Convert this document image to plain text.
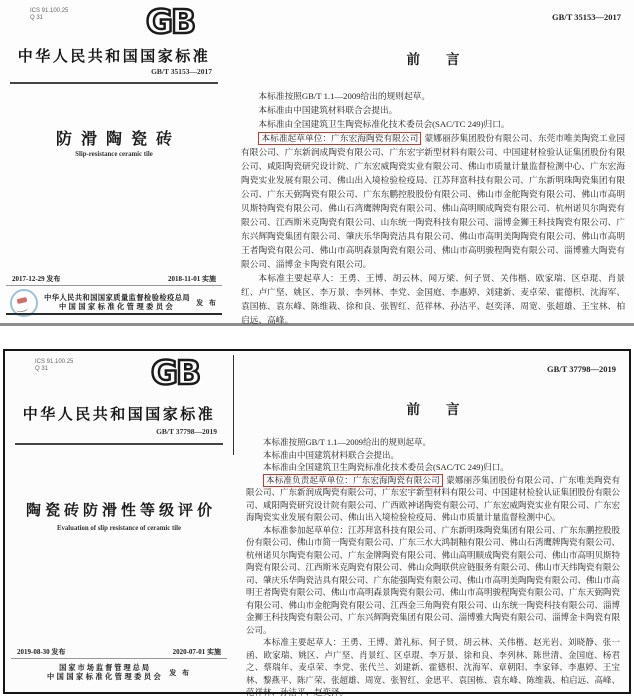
ICS 91.100.25
Q 31	GB
中华人民共和国国家标准
GB/T 35153—2017
防滑陶瓷砖
Slip-resistance ceramic tile
2017-12-29 发布	2018-11-01 实施
中华人民共和国国家质量监督检验检疫总局
中国国家标准化管理委员会	发 布
GB/T 35153—2017
前言

本标准按照GB/T 1.1—2009给出的规则起草。

本标准由中国建筑材料联合会提出。

本标准由全国建筑卫生陶瓷标准化技术委员会(SAC/TC 249)归口。

本标准起草单位：广东宏海陶瓷有限公司 蒙娜丽莎集团股份有限公司、东莞市唯美陶瓷工业园有限公司、广东新润成陶瓷有限公司、广东宏宇新型材料有限公司、中国建材检验认证集团股份有限公司、咸阳陶瓷研究设计院、广东宏威陶瓷实业有限公司、佛山市质量计量监督检测中心、广东宏海陶瓷实业发展有限公司、佛山出入境检验检疫局、江苏拜富科技有限公司、广东新明珠陶瓷集团有限公司、广东天弼陶瓷有限公司、广东东鹏控股股份有限公司、佛山市金舵陶瓷有限公司、佛山市高明贝斯特陶瓷有限公司、佛山石湾鹰牌陶瓷有限公司、佛山高明顺成陶瓷有限公司、杭州诺贝尔陶瓷有限公司、江西斯米克陶瓷有限公司、山东统一陶瓷科技有限公司、淄博金狮王科技陶瓷有限公司、广东兴辉陶瓷集团有限公司、肇庆乐华陶瓷洁具有限公司、佛山市高明美陶陶瓷有限公司、佛山市高明王者陶瓷有限公司、佛山市高明森景陶瓷有限公司、佛山市高明骏程陶瓷有限公司、淄博雅大陶瓷有限公司、淄博金卡陶瓷有限公司。

本标准主要起草人：王勇、王博、胡云林、闻万梁、何子贤、关伟楷、欧家瑞、区卓琨、肖景红、卢广坚、姚区、李万景、李列林、李党、金国庭、李惠婷、刘建新、麦卓荣、霍德枳、沈海军、袁国栋、袁东峰、陈维栽、徐和良、张智红、范祥林、孙洁平、赵奕泽、周宽、张超雄、王宝林、柏启远、高峰。

ICS 91.100.25
Q 31	GB
中华人民共和国国家标准
GB/T 37798—2019
陶瓷砖防滑性等级评价
Evaluation of slip resistance of ceramic tile
2019-08-30 发布	2020-07-01 实施
国家市场监督管理总局
中国国家标准化管理委员会 发 布
GB/T 37798—2019
前言

本标准按照GB/T 1.1—2009给出的规则起草。

本标准由中国建筑材料联合会提出。

本标准由全国建筑卫生陶瓷标准化技术委员会(SAC/TC 249)归口。

本标准负责起草单位：广东宏海陶瓷有限公司 蒙娜丽莎集团股份有限公司、广东唯美陶瓷有限公司、广东新润成陶瓷有限公司、广东宏宇新型材料有限公司、中国建材检验认证集团股份有限公司、咸阳陶瓷研究设计院有限公司、广西欧神诺陶瓷有限公司、广东宏威陶瓷实业有限公司、广东宏海陶瓷实业发展有限公司、佛山出入境检验检疫局、佛山市质量计量监督检测中心。

本标准参加起草单位：江苏拜富科技有限公司、广东新明珠陶瓷集团有限公司、广东东鹏控股股份有限公司、佛山市简一陶瓷有限公司、广东三水大鸿制釉有限公司、佛山石湾鹰牌陶瓷有限公司、杭州诺贝尔陶瓷有限公司、广东金牌陶瓷有限公司、佛山高明顺成陶瓷有限公司、佛山市高明贝斯特陶瓷有限公司、江西斯米克陶瓷有限公司、佛山众陶联供应链服务有限公司、佛山市天纬陶瓷有限公司、肇庆乐华陶瓷洁具有限公司、广东能强陶瓷有限公司、佛山市高明美陶陶瓷有限公司、佛山市高明王者陶瓷有限公司、佛山市高明森景陶瓷有限公司、佛山市高明骏程陶瓷有限公司、广东天弼陶瓷有限公司、佛山市金舵陶瓷有限公司、江西金三角陶瓷有限公司、山东统一陶瓷科技有限公司、淄博金狮王科技陶瓷有限公司、广东兴辉陶瓷集团有限公司、淄博雅大陶瓷有限公司、淄博金卡陶瓷有限公司。

本标准主要起草人：王勇、王博、萧礼标、何子贤、胡云林、关伟楷、赵光岩、刘晓静、张一函、欧家瑞、姚区、卢广坚、肖景红、区卓琨、李万景、徐和良、李列林、陈世清、金国庭、杨君之、蔡瑞年、麦卓荣、李党、张代兰、刘建新、霍德枳、沈海军、章朝阳、李家铎、李惠婷、王宝林、黎燕平、陈广荣、张超雄、周宽、张智红、金思平、袁国栋、袁东峰、陈维栽、柏启远、高峰、范祥林、孙洁平、赵奕泽。
